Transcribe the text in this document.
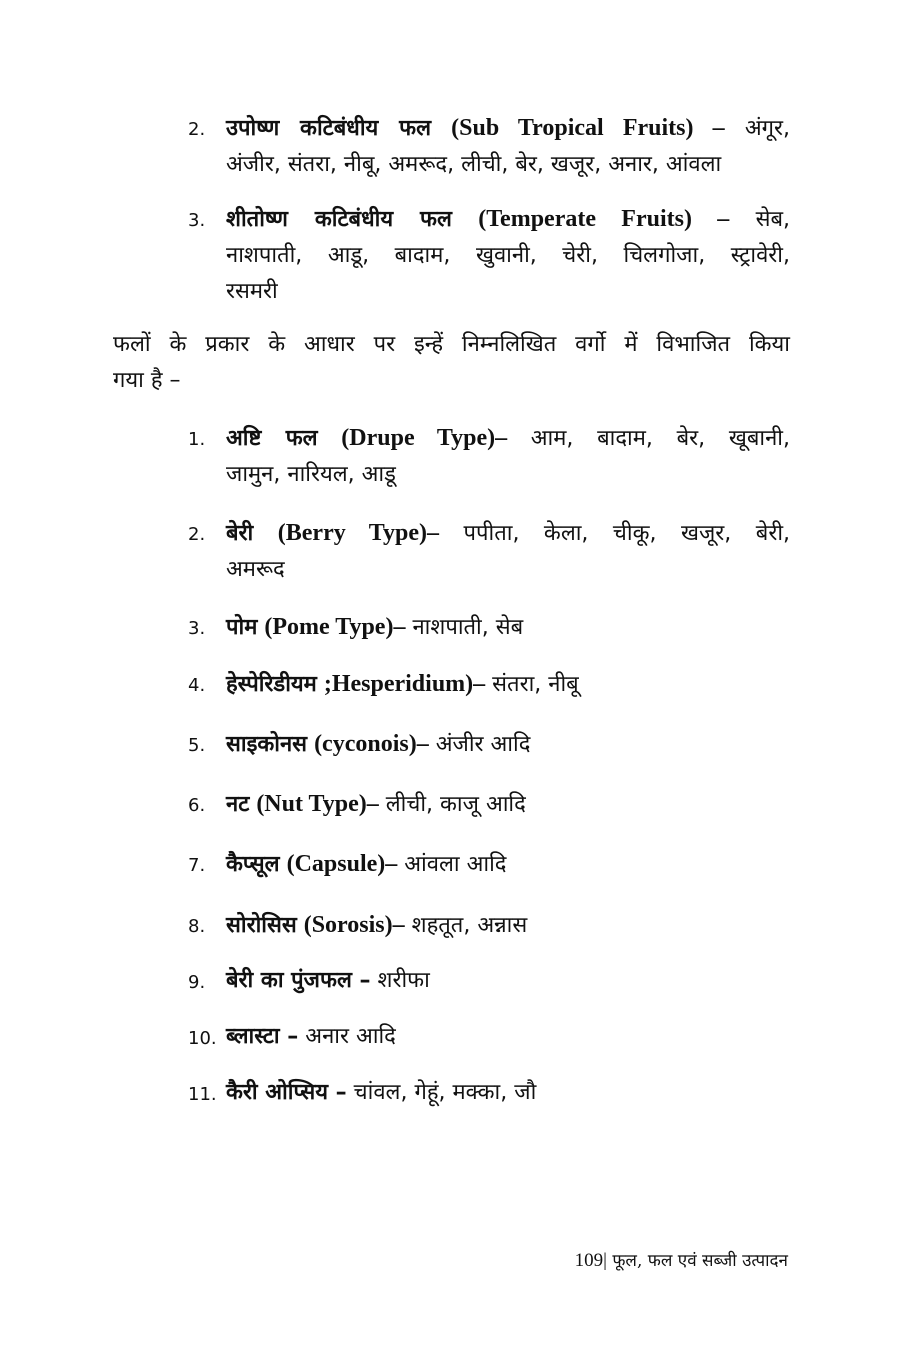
2. उपोष्ण कटिबंधीय फल (Sub Tropical Fruits) – अंगूर,
अंजीर, संतरा, नीबू, अमरूद, लीची, बेर, खजूर, अनार, आंवला
3. शीतोष्ण कटिबंधीय फल (Temperate Fruits) – सेब,
नाशपाती, आडू, बादाम, खुवानी, चेरी, चिलगोजा, स्ट्रावेरी,
रसमरी
फलों के प्रकार के आधार पर इन्हें निम्नलिखित वर्गो में विभाजित किया
गया है –
1. अष्टि फल (Drupe Type)– आम, बादाम, बेर, खूबानी,
जामुन, नारियल, आडू
2. बेरी (Berry Type)– पपीता, केला, चीकू, खजूर, बेरी,
अमरूद
3. पोम (Pome Type)– नाशपाती, सेब
4. हेस्पेरिडीयम ;Hesperidium)– संतरा, नीबू
5. साइकोनस (cyconois)– अंजीर आदि
6. नट (Nut Type)– लीची, काजू आदि
7. कैप्सूल (Capsule)– आंवला आदि
8. सोरोसिस (Sorosis)– शहतूत, अन्नास
9. बेरी का पुंजफल – शरीफा
10. ब्लास्टा – अनार आदि
11. कैरी ओप्सिय – चांवल, गेहूं, मक्का, जौ
109| फूल, फल एवं सब्जी उत्पादन
